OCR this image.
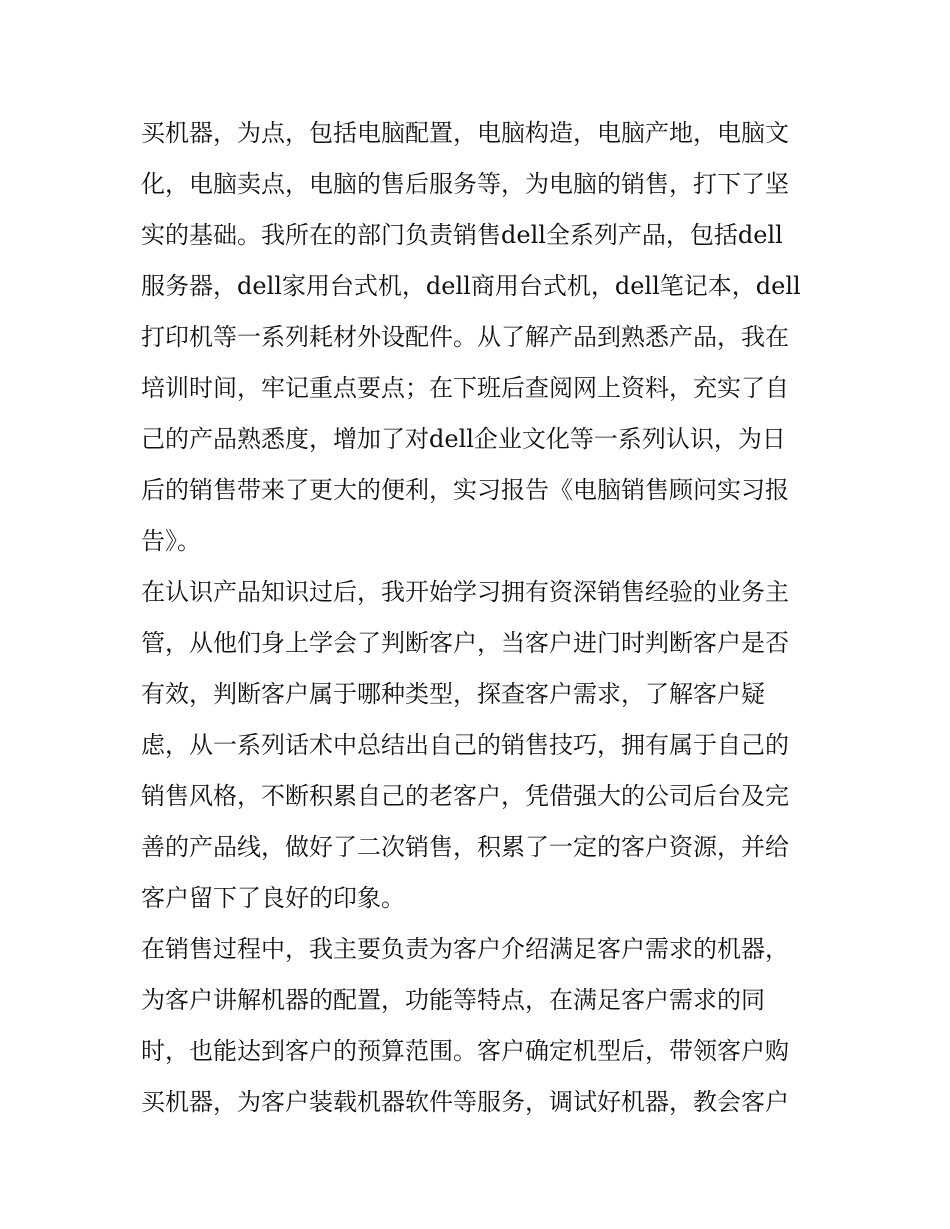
买机器，为点，包括电脑配置，电脑构造，电脑产地，电脑文
化，电脑卖点，电脑的售后服务等，为电脑的销售，打下了坚
实的基础。我所在的部门负责销售dell全系列产品，包括dell
服务器，dell家用台式机，dell商用台式机，dell笔记本，dell
打印机等一系列耗材外设配件。从了解产品到熟悉产品，我在
培训时间，牢记重点要点；在下班后查阅网上资料，充实了自
己的产品熟悉度，增加了对dell企业文化等一系列认识，为日
后的销售带来了更大的便利，实习报告《电脑销售顾问实习报
告》。
在认识产品知识过后，我开始学习拥有资深销售经验的业务主
管，从他们身上学会了判断客户，当客户进门时判断客户是否
有效，判断客户属于哪种类型，探查客户需求，了解客户疑
虑，从一系列话术中总结出自己的销售技巧，拥有属于自己的
销售风格，不断积累自己的老客户，凭借强大的公司后台及完
善的产品线，做好了二次销售，积累了一定的客户资源，并给
客户留下了良好的印象。
在销售过程中，我主要负责为客户介绍满足客户需求的机器，
为客户讲解机器的配置，功能等特点，在满足客户需求的同
时，也能达到客户的预算范围。客户确定机型后，带领客户购
买机器，为客户装载机器软件等服务，调试好机器，教会客户
